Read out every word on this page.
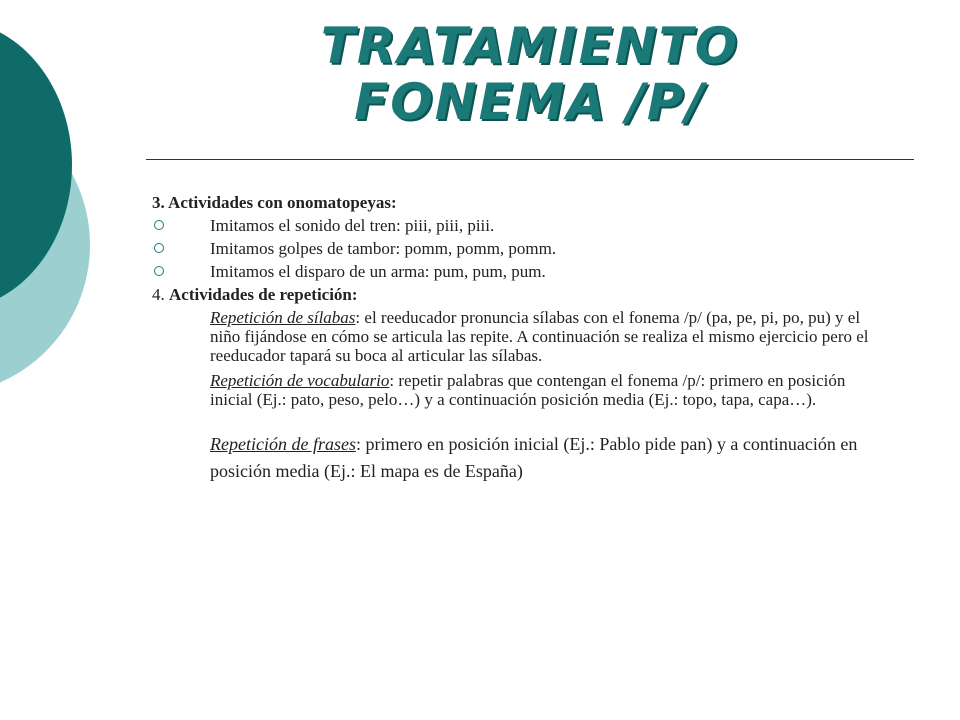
TRATAMIENTO
FONEMA /P/
3. Actividades con onomatopeyas:
Imitamos el sonido del tren: piii, piii, piii.
Imitamos golpes de tambor: pomm, pomm, pomm.
Imitamos el disparo de un arma: pum, pum, pum.
4. Actividades de repetición:
Repetición de sílabas: el reeducador pronuncia sílabas con el fonema /p/ (pa, pe, pi, po, pu) y el niño fijándose en cómo se articula las repite. A continuación se realiza el mismo ejercicio pero el reeducador tapará su boca al articular las sílabas.
Repetición de vocabulario: repetir palabras que contengan el fonema /p/: primero en posición inicial (Ej.: pato, peso, pelo…) y a continuación posición media (Ej.: topo, tapa, capa…).
Repetición de frases: primero en posición inicial (Ej.: Pablo pide pan) y a continuación en posición media (Ej.: El mapa es de España)
